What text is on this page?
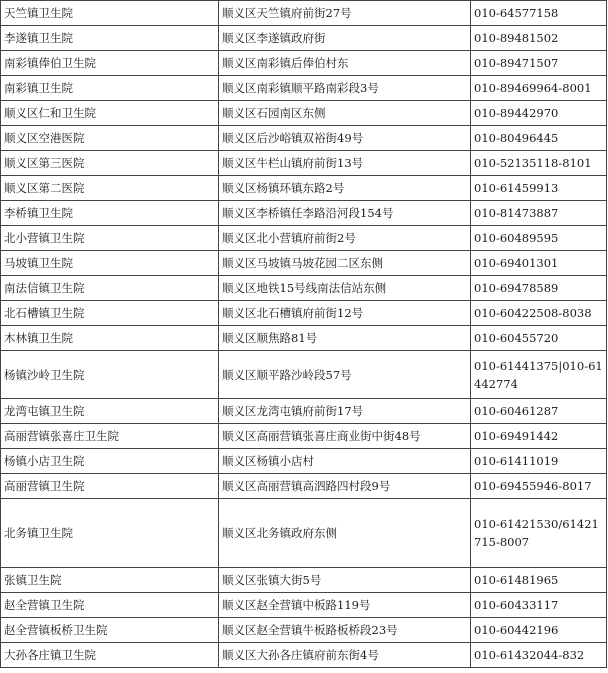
天竺镇卫生院	顺义区天竺镇府前街27号	010-64577158
李遂镇卫生院	顺义区李遂镇政府街	010-89481502
南彩镇俸伯卫生院	顺义区南彩镇后俸伯村东	010-89471507
南彩镇卫生院	顺义区南彩镇顺平路南彩段3号	010-89469964-8001
顺义区仁和卫生院	顺义区石园南区东侧	010-89442970
顺义区空港医院	顺义区后沙峪镇双裕街49号	010-80496445
顺义区第三医院	顺义区牛栏山镇府前街13号	010-52135118-8101
顺义区第二医院	顺义区杨镇环镇东路2号	010-61459913
李桥镇卫生院	顺义区李桥镇任李路沿河段154号	010-81473887
北小营镇卫生院	顺义区北小营镇府前街2号	010-60489595
马坡镇卫生院	顺义区马坡镇马坡花园二区东侧	010-69401301
南法信镇卫生院	顺义区地铁15号线南法信站东侧	010-69478589
北石槽镇卫生院	顺义区北石槽镇府前街12号	010-60422508-8038
木林镇卫生院	顺义区顺焦路81号	010-60455720
杨镇沙岭卫生院	顺义区顺平路沙岭段57号	010-61441375|010-61442774
龙湾屯镇卫生院	顺义区龙湾屯镇府前街17号	010-60461287
高丽营镇张喜庄卫生院	顺义区高丽营镇张喜庄商业街中街48号	010-69491442
杨镇小店卫生院	顺义区杨镇小店村	010-61411019
高丽营镇卫生院	顺义区高丽营镇高泗路四村段9号	010-69455946-8017
北务镇卫生院	顺义区北务镇政府东侧	010-61421530/61421715-8007
张镇卫生院	顺义区张镇大街5号	010-61481965
赵全营镇卫生院	顺义区赵全营镇中板路119号	010-60433117
赵全营镇板桥卫生院	顺义区赵全营镇牛板路板桥段23号	010-60442196
大孙各庄镇卫生院	顺义区大孙各庄镇府前东街4号	010-61432044-832
